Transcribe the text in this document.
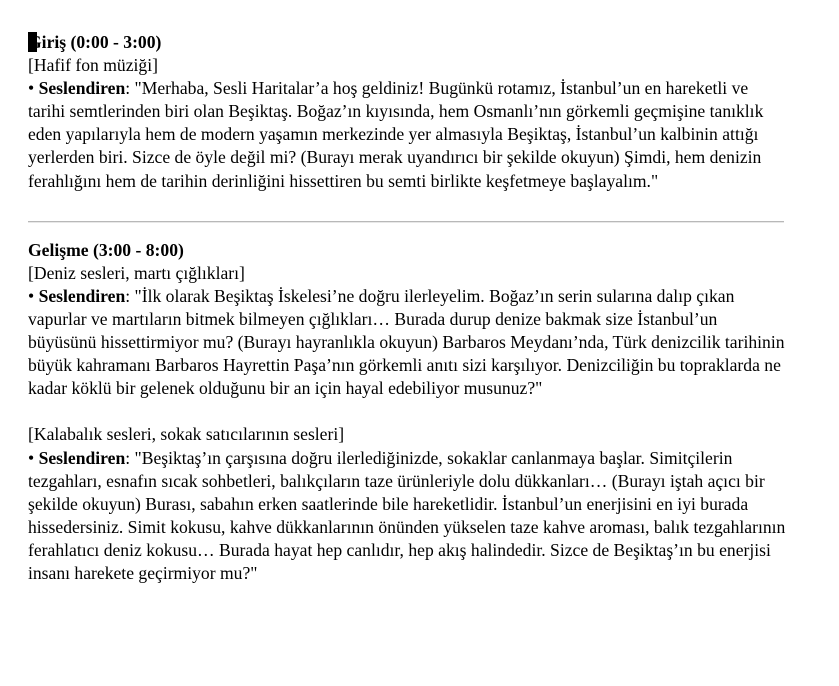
Giriş (0:00 - 3:00)

[Hafif fon müziği]

• Seslendiren: "Merhaba, Sesli Haritalar’a hoş geldiniz! Bugünkü rotamız, İstanbul’un en hareketli ve tarihi semtlerinden biri olan Beşiktaş. Boğaz’ın kıyısında, hem Osmanlı’nın görkemli geçmişine tanıklık eden yapılarıyla hem de modern yaşamın merkezinde yer almasıyla Beşiktaş, İstanbul’un kalbinin attığı yerlerden biri. Sizce de öyle değil mi? (Burayı merak uyandırıcı bir şekilde okuyun) Şimdi, hem denizin ferahlığını hem de tarihin derinliğini hissettiren bu semti birlikte keşfetmeye başlayalım."

Gelişme (3:00 - 8:00)

[Deniz sesleri, martı çığlıkları]

• Seslendiren: "İlk olarak Beşiktaş İskelesi’ne doğru ilerleyelim. Boğaz’ın serin sularına dalıp çıkan vapurlar ve martıların bitmek bilmeyen çığlıkları… Burada durup denize bakmak size İstanbul’un büyüsünü hissettirmiyor mu? (Burayı hayranlıkla okuyun) Barbaros Meydanı’nda, Türk denizcilik tarihinin büyük kahramanı Barbaros Hayrettin Paşa’nın görkemli anıtı sizi karşılıyor. Denizciliğin bu topraklarda ne kadar köklü bir gelenek olduğunu bir an için hayal edebiliyor musunuz?"

[Kalabalık sesleri, sokak satıcılarının sesleri]

• Seslendiren: "Beşiktaş’ın çarşısına doğru ilerlediğinizde, sokaklar canlanmaya başlar. Simitçilerin tezgahları, esnafın sıcak sohbetleri, balıkçıların taze ürünleriyle dolu dükkanları… (Burayı iştah açıcı bir şekilde okuyun) Burası, sabahın erken saatlerinde bile hareketlidir. İstanbul’un enerjisini en iyi burada hissedersiniz. Simit kokusu, kahve dükkanlarının önünden yükselen taze kahve aroması, balık tezgahlarının ferahlatıcı deniz kokusu… Burada hayat hep canlıdır, hep akış halindedir. Sizce de Beşiktaş’ın bu enerjisi insanı harekete geçirmiyor mu?"
